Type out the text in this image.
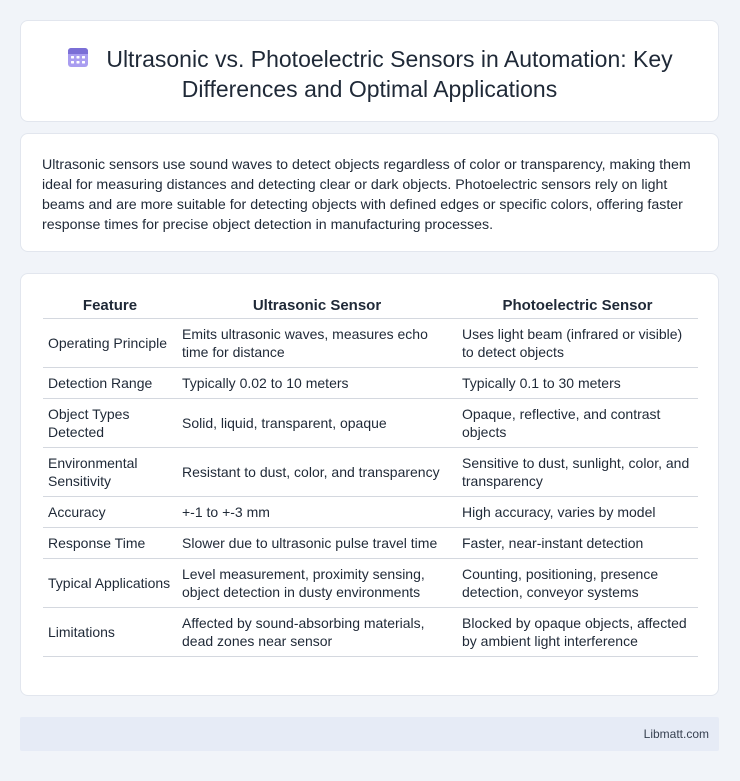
Ultrasonic vs. Photoelectric Sensors in Automation: Key Differences and Optimal Applications

Ultrasonic sensors use sound waves to detect objects regardless of color or transparency, making them ideal for measuring distances and detecting clear or dark objects. Photoelectric sensors rely on light beams and are more suitable for detecting objects with defined edges or specific colors, offering faster response times for precise object detection in manufacturing processes.

Feature	Ultrasonic Sensor	Photoelectric Sensor
Operating Principle	Emits ultrasonic waves, measures echo time for distance	Uses light beam (infrared or visible) to detect objects
Detection Range	Typically 0.02 to 10 meters	Typically 0.1 to 30 meters
Object Types Detected	Solid, liquid, transparent, opaque	Opaque, reflective, and contrast objects
Environmental Sensitivity	Resistant to dust, color, and transparency	Sensitive to dust, sunlight, color, and transparency
Accuracy	+-1 to +-3 mm	High accuracy, varies by model
Response Time	Slower due to ultrasonic pulse travel time	Faster, near-instant detection
Typical Applications	Level measurement, proximity sensing, object detection in dusty environments	Counting, positioning, presence detection, conveyor systems
Limitations	Affected by sound-absorbing materials, dead zones near sensor	Blocked by opaque objects, affected by ambient light interference
Libmatt.com
